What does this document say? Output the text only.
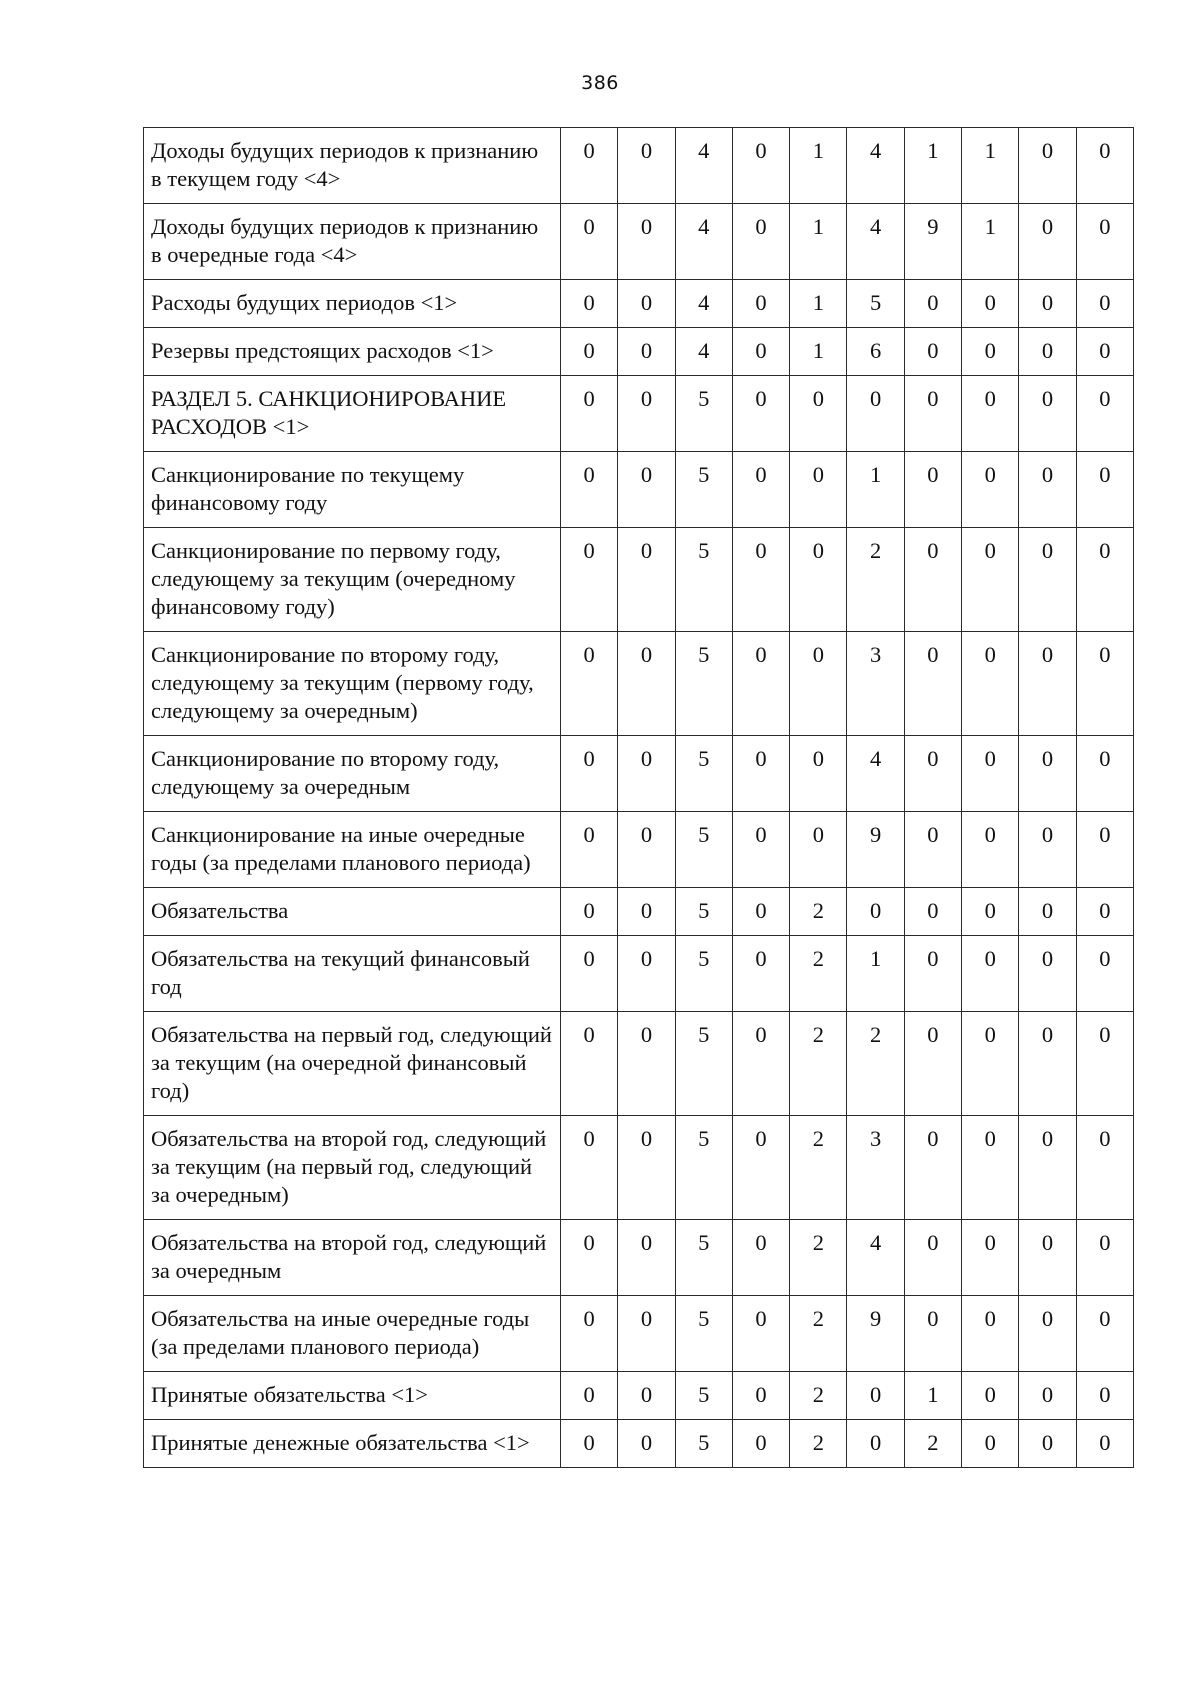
386
Доходы будущих периодов к признанию в текущем году <4>	0	0	4	0	1	4	1	1	0	0
Доходы будущих периодов к признанию в очередные года <4>	0	0	4	0	1	4	9	1	0	0
Расходы будущих периодов <1>	0	0	4	0	1	5	0	0	0	0
Резервы предстоящих расходов <1>	0	0	4	0	1	6	0	0	0	0
РАЗДЕЛ 5. САНКЦИОНИРОВАНИЕ РАСХОДОВ <1>	0	0	5	0	0	0	0	0	0	0
Санкционирование по текущему финансовому году	0	0	5	0	0	1	0	0	0	0
Санкционирование по первому году, следующему за текущим (очередному финансовому году)	0	0	5	0	0	2	0	0	0	0
Санкционирование по второму году, следующему за текущим (первому году, следующему за очередным)	0	0	5	0	0	3	0	0	0	0
Санкционирование по второму году, следующему за очередным	0	0	5	0	0	4	0	0	0	0
Санкционирование на иные очередные годы (за пределами планового периода)	0	0	5	0	0	9	0	0	0	0
Обязательства	0	0	5	0	2	0	0	0	0	0
Обязательства на текущий финансовый год	0	0	5	0	2	1	0	0	0	0
Обязательства на первый год, следующий за текущим (на очередной финансовый год)	0	0	5	0	2	2	0	0	0	0
Обязательства на второй год, следующий за текущим (на первый год, следующий за очередным)	0	0	5	0	2	3	0	0	0	0
Обязательства на второй год, следующий за очередным	0	0	5	0	2	4	0	0	0	0
Обязательства на иные очередные годы (за пределами планового периода)	0	0	5	0	2	9	0	0	0	0
Принятые обязательства <1>	0	0	5	0	2	0	1	0	0	0
Принятые денежные обязательства <1>	0	0	5	0	2	0	2	0	0	0
